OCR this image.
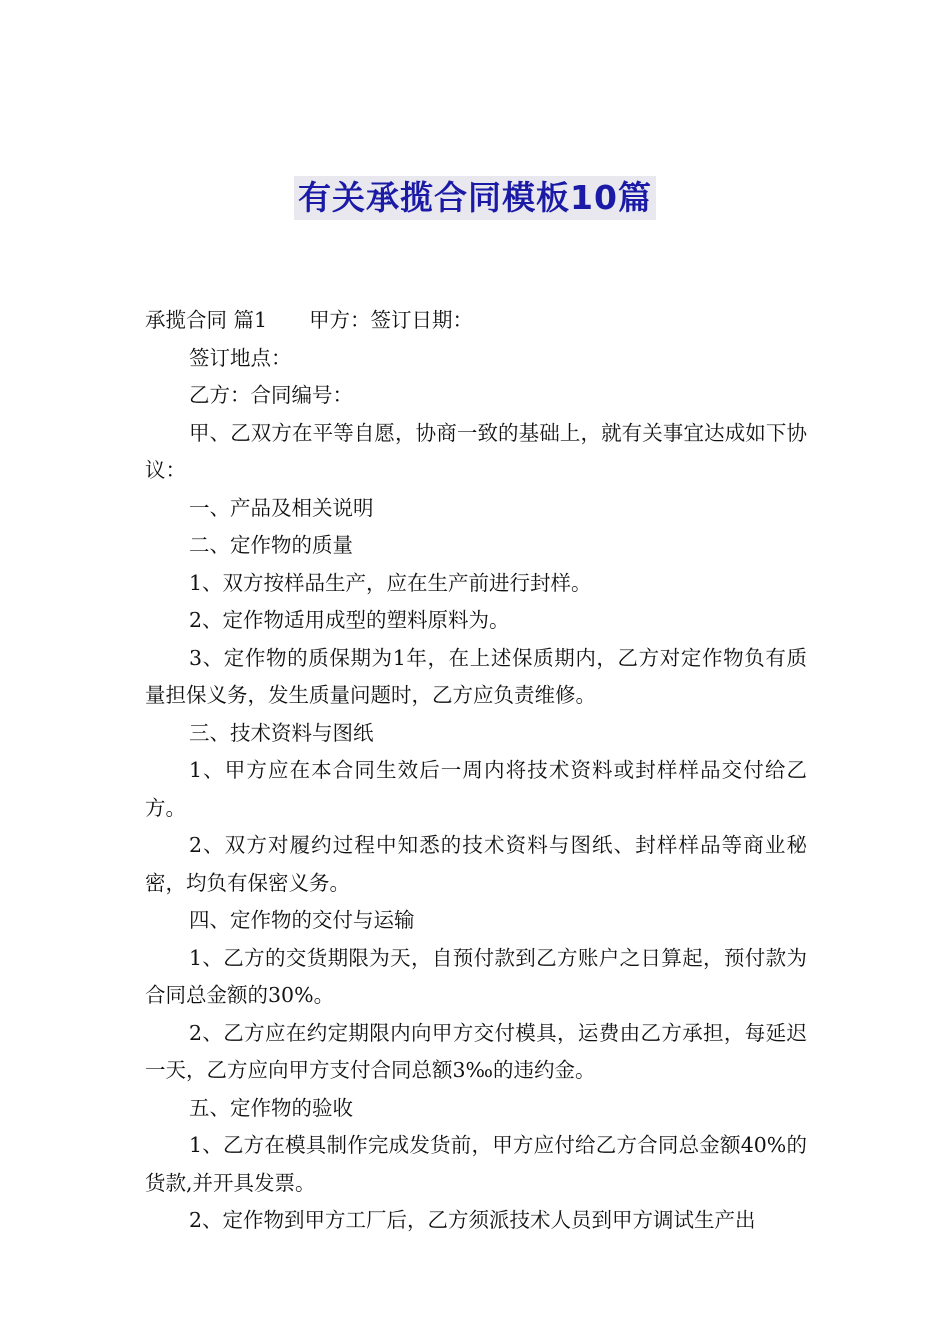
有关承揽合同模板10篇

承揽合同 篇1 甲方：签订日期：

签订地点：

乙方：合同编号：

甲、乙双方在平等自愿，协商一致的基础上，就有关事宜达成如下协议：

一、产品及相关说明

二、定作物的质量

1、双方按样品生产，应在生产前进行封样。

2、定作物适用成型的塑料原料为。

3、定作物的质保期为1年，在上述保质期内，乙方对定作物负有质量担保义务，发生质量问题时，乙方应负责维修。

三、技术资料与图纸

1、甲方应在本合同生效后一周内将技术资料或封样样品交付给乙方。

2、双方对履约过程中知悉的技术资料与图纸、封样样品等商业秘密，均负有保密义务。

四、定作物的交付与运输

1、乙方的交货期限为天，自预付款到乙方账户之日算起，预付款为合同总金额的30%。

2、乙方应在约定期限内向甲方交付模具，运费由乙方承担，每延迟一天，乙方应向甲方支付合同总额3‰的违约金。

五、定作物的验收

1、乙方在模具制作完成发货前，甲方应付给乙方合同总金额40%的货款,并开具发票。

2、定作物到甲方工厂后，乙方须派技术人员到甲方调试生产出
